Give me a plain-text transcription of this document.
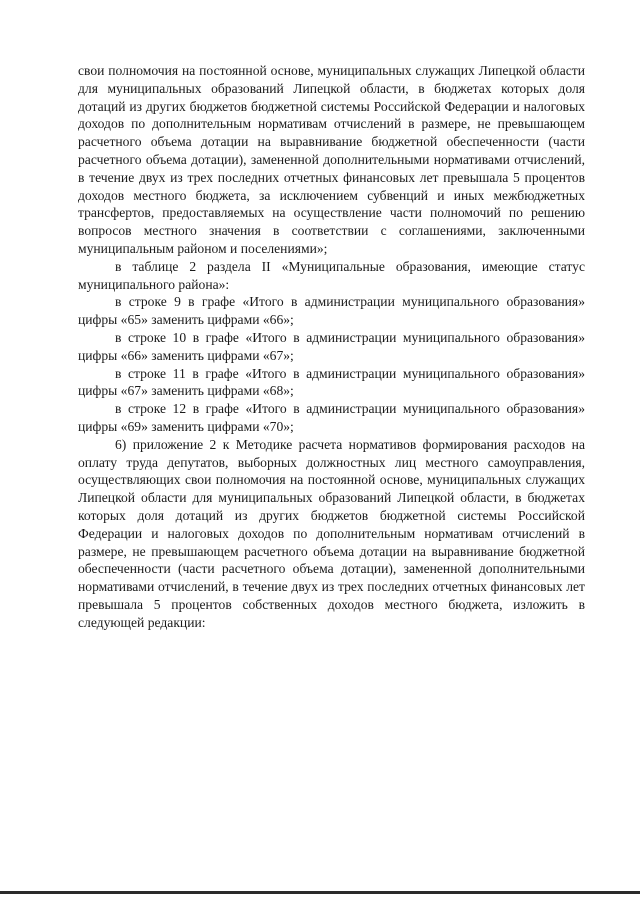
свои полномочия на постоянной основе, муниципальных служащих Липецкой области для муниципальных образований Липецкой области, в бюджетах которых доля дотаций из других бюджетов бюджетной системы Российской Федерации и налоговых доходов по дополнительным нормативам отчислений в размере, не превышающем расчетного объема дотации на выравнивание бюджетной обеспеченности (части расчетного объема дотации), замененной дополнительными нормативами отчислений, в течение двух из трех последних отчетных финансовых лет превышала 5 процентов доходов местного бюджета, за исключением субвенций и иных межбюджетных трансфертов, предоставляемых на осуществление части полномочий по решению вопросов местного значения в соответствии с соглашениями, заключенными муниципальным районом и поселениями»;

в таблице 2 раздела II «Муниципальные образования, имеющие статус муниципального района»:

в строке 9 в графе «Итого в администрации муниципального образования» цифры «65» заменить цифрами «66»;

в строке 10 в графе «Итого в администрации муниципального образования» цифры «66» заменить цифрами «67»;

в строке 11 в графе «Итого в администрации муниципального образования» цифры «67» заменить цифрами «68»;

в строке 12 в графе «Итого в администрации муниципального образования» цифры «69» заменить цифрами «70»;

6) приложение 2 к Методике расчета нормативов формирования расходов на оплату труда депутатов, выборных должностных лиц местного самоуправления, осуществляющих свои полномочия на постоянной основе, муниципальных служащих Липецкой области для муниципальных образований Липецкой области, в бюджетах которых доля дотаций из других бюджетов бюджетной системы Российской Федерации и налоговых доходов по дополнительным нормативам отчислений в размере, не превышающем расчетного объема дотации на выравнивание бюджетной обеспеченности (части расчетного объема дотации), замененной дополнительными нормативами отчислений, в течение двух из трех последних отчетных финансовых лет превышала 5 процентов собственных доходов местного бюджета, изложить в следующей редакции:
